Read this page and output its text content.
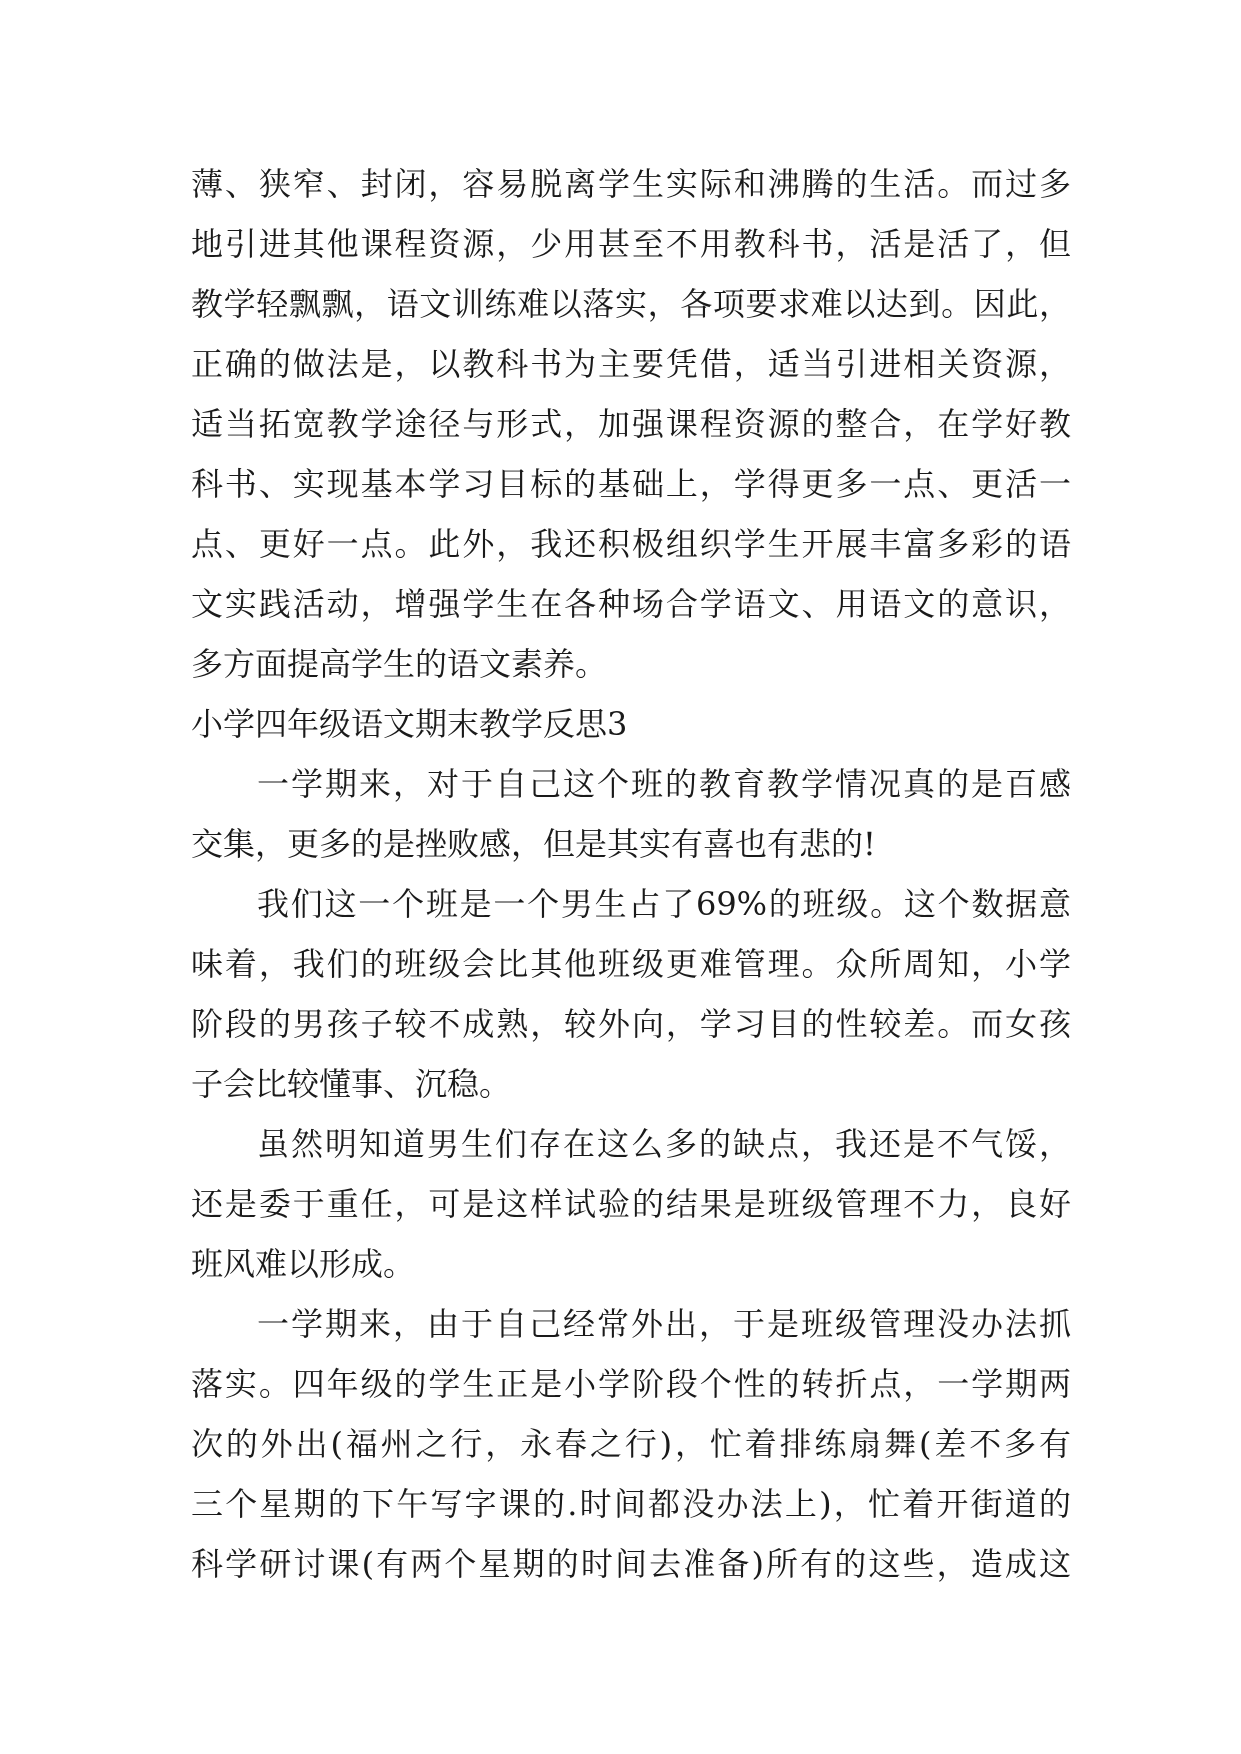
薄、狭窄、封闭，容易脱离学生实际和沸腾的生活。而过多
地引进其他课程资源，少用甚至不用教科书，活是活了，但
教学轻飘飘，语文训练难以落实，各项要求难以达到。因此，
正确的做法是，以教科书为主要凭借，适当引进相关资源，
适当拓宽教学途径与形式，加强课程资源的整合，在学好教
科书、实现基本学习目标的基础上，学得更多一点、更活一
点、更好一点。此外，我还积极组织学生开展丰富多彩的语
文实践活动，增强学生在各种场合学语文、用语文的意识，
多方面提高学生的语文素养。
小学四年级语文期末教学反思3
一学期来，对于自己这个班的教育教学情况真的是百感
交集，更多的是挫败感，但是其实有喜也有悲的!
我们这一个班是一个男生占了69%的班级。这个数据意
味着，我们的班级会比其他班级更难管理。众所周知，小学
阶段的男孩子较不成熟，较外向，学习目的性较差。而女孩
子会比较懂事、沉稳。
虽然明知道男生们存在这么多的缺点，我还是不气馁，
还是委于重任，可是这样试验的结果是班级管理不力，良好
班风难以形成。
一学期来，由于自己经常外出，于是班级管理没办法抓
落实。四年级的学生正是小学阶段个性的转折点，一学期两
次的外出(福州之行，永春之行)，忙着排练扇舞(差不多有
三个星期的下午写字课的.时间都没办法上)，忙着开街道的
科学研讨课(有两个星期的时间去准备)所有的这些，造成这
